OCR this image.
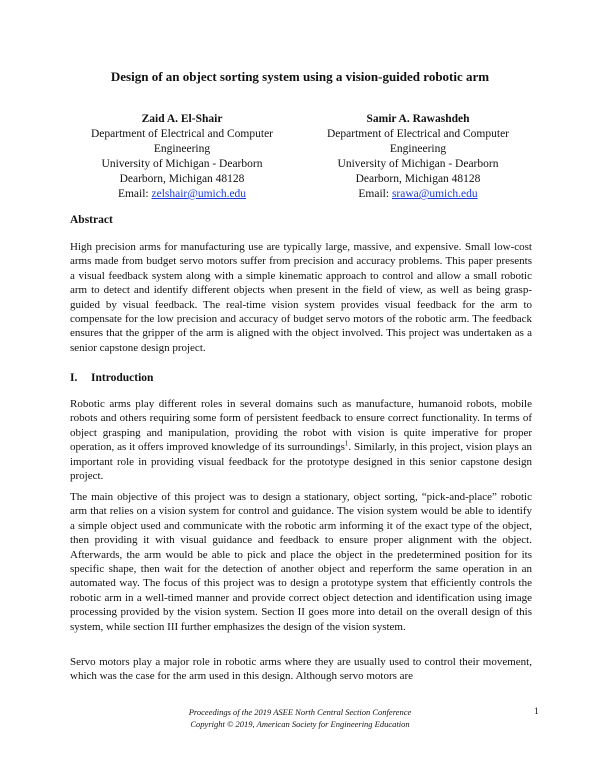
Design of an object sorting system using a vision-guided robotic arm
Zaid A. El-Shair
Department of Electrical and Computer
Engineering
University of Michigan - Dearborn
Dearborn, Michigan 48128
Email: zelshair@umich.edu
Samir A. Rawashdeh
Department of Electrical and Computer
Engineering
University of Michigan - Dearborn
Dearborn, Michigan 48128
Email: srawa@umich.edu
Abstract

High precision arms for manufacturing use are typically large, massive, and expensive. Small low-cost arms made from budget servo motors suffer from precision and accuracy problems. This paper presents a visual feedback system along with a simple kinematic approach to control and allow a small robotic arm to detect and identify different objects when present in the field of view, as well as being grasp-guided by visual feedback. The real-time vision system provides visual feedback for the arm to compensate for the low precision and accuracy of budget servo motors of the robotic arm. The feedback ensures that the gripper of the arm is aligned with the object involved. This project was undertaken as a senior capstone design project.

I. Introduction

Robotic arms play different roles in several domains such as manufacture, humanoid robots, mobile robots and others requiring some form of persistent feedback to ensure correct functionality. In terms of object grasping and manipulation, providing the robot with vision is quite imperative for proper operation, as it offers improved knowledge of its surroundings$^1$. Similarly, in this project, vision plays an important role in providing visual feedback for the prototype designed in this senior capstone design project.

The main objective of this project was to design a stationary, object sorting, “pick-and-place” robotic arm that relies on a vision system for control and guidance. The vision system would be able to identify a simple object used and communicate with the robotic arm informing it of the exact type of the object, then providing it with visual guidance and feedback to ensure proper alignment with the object. Afterwards, the arm would be able to pick and place the object in the predetermined position for its specific shape, then wait for the detection of another object and reperform the same operation in an automated way. The focus of this project was to design a prototype system that efficiently controls the robotic arm in a well-timed manner and provide correct object detection and identification using image processing provided by the vision system. Section II goes more into detail on the overall design of this system, while section III further emphasizes the design of the vision system.

Servo motors play a major role in robotic arms where they are usually used to control their movement, which was the case for the arm used in this design. Although servo motors are

Proceedings of the 2019 ASEE North Central Section Conference
Copyright © 2019, American Society for Engineering Education
1
